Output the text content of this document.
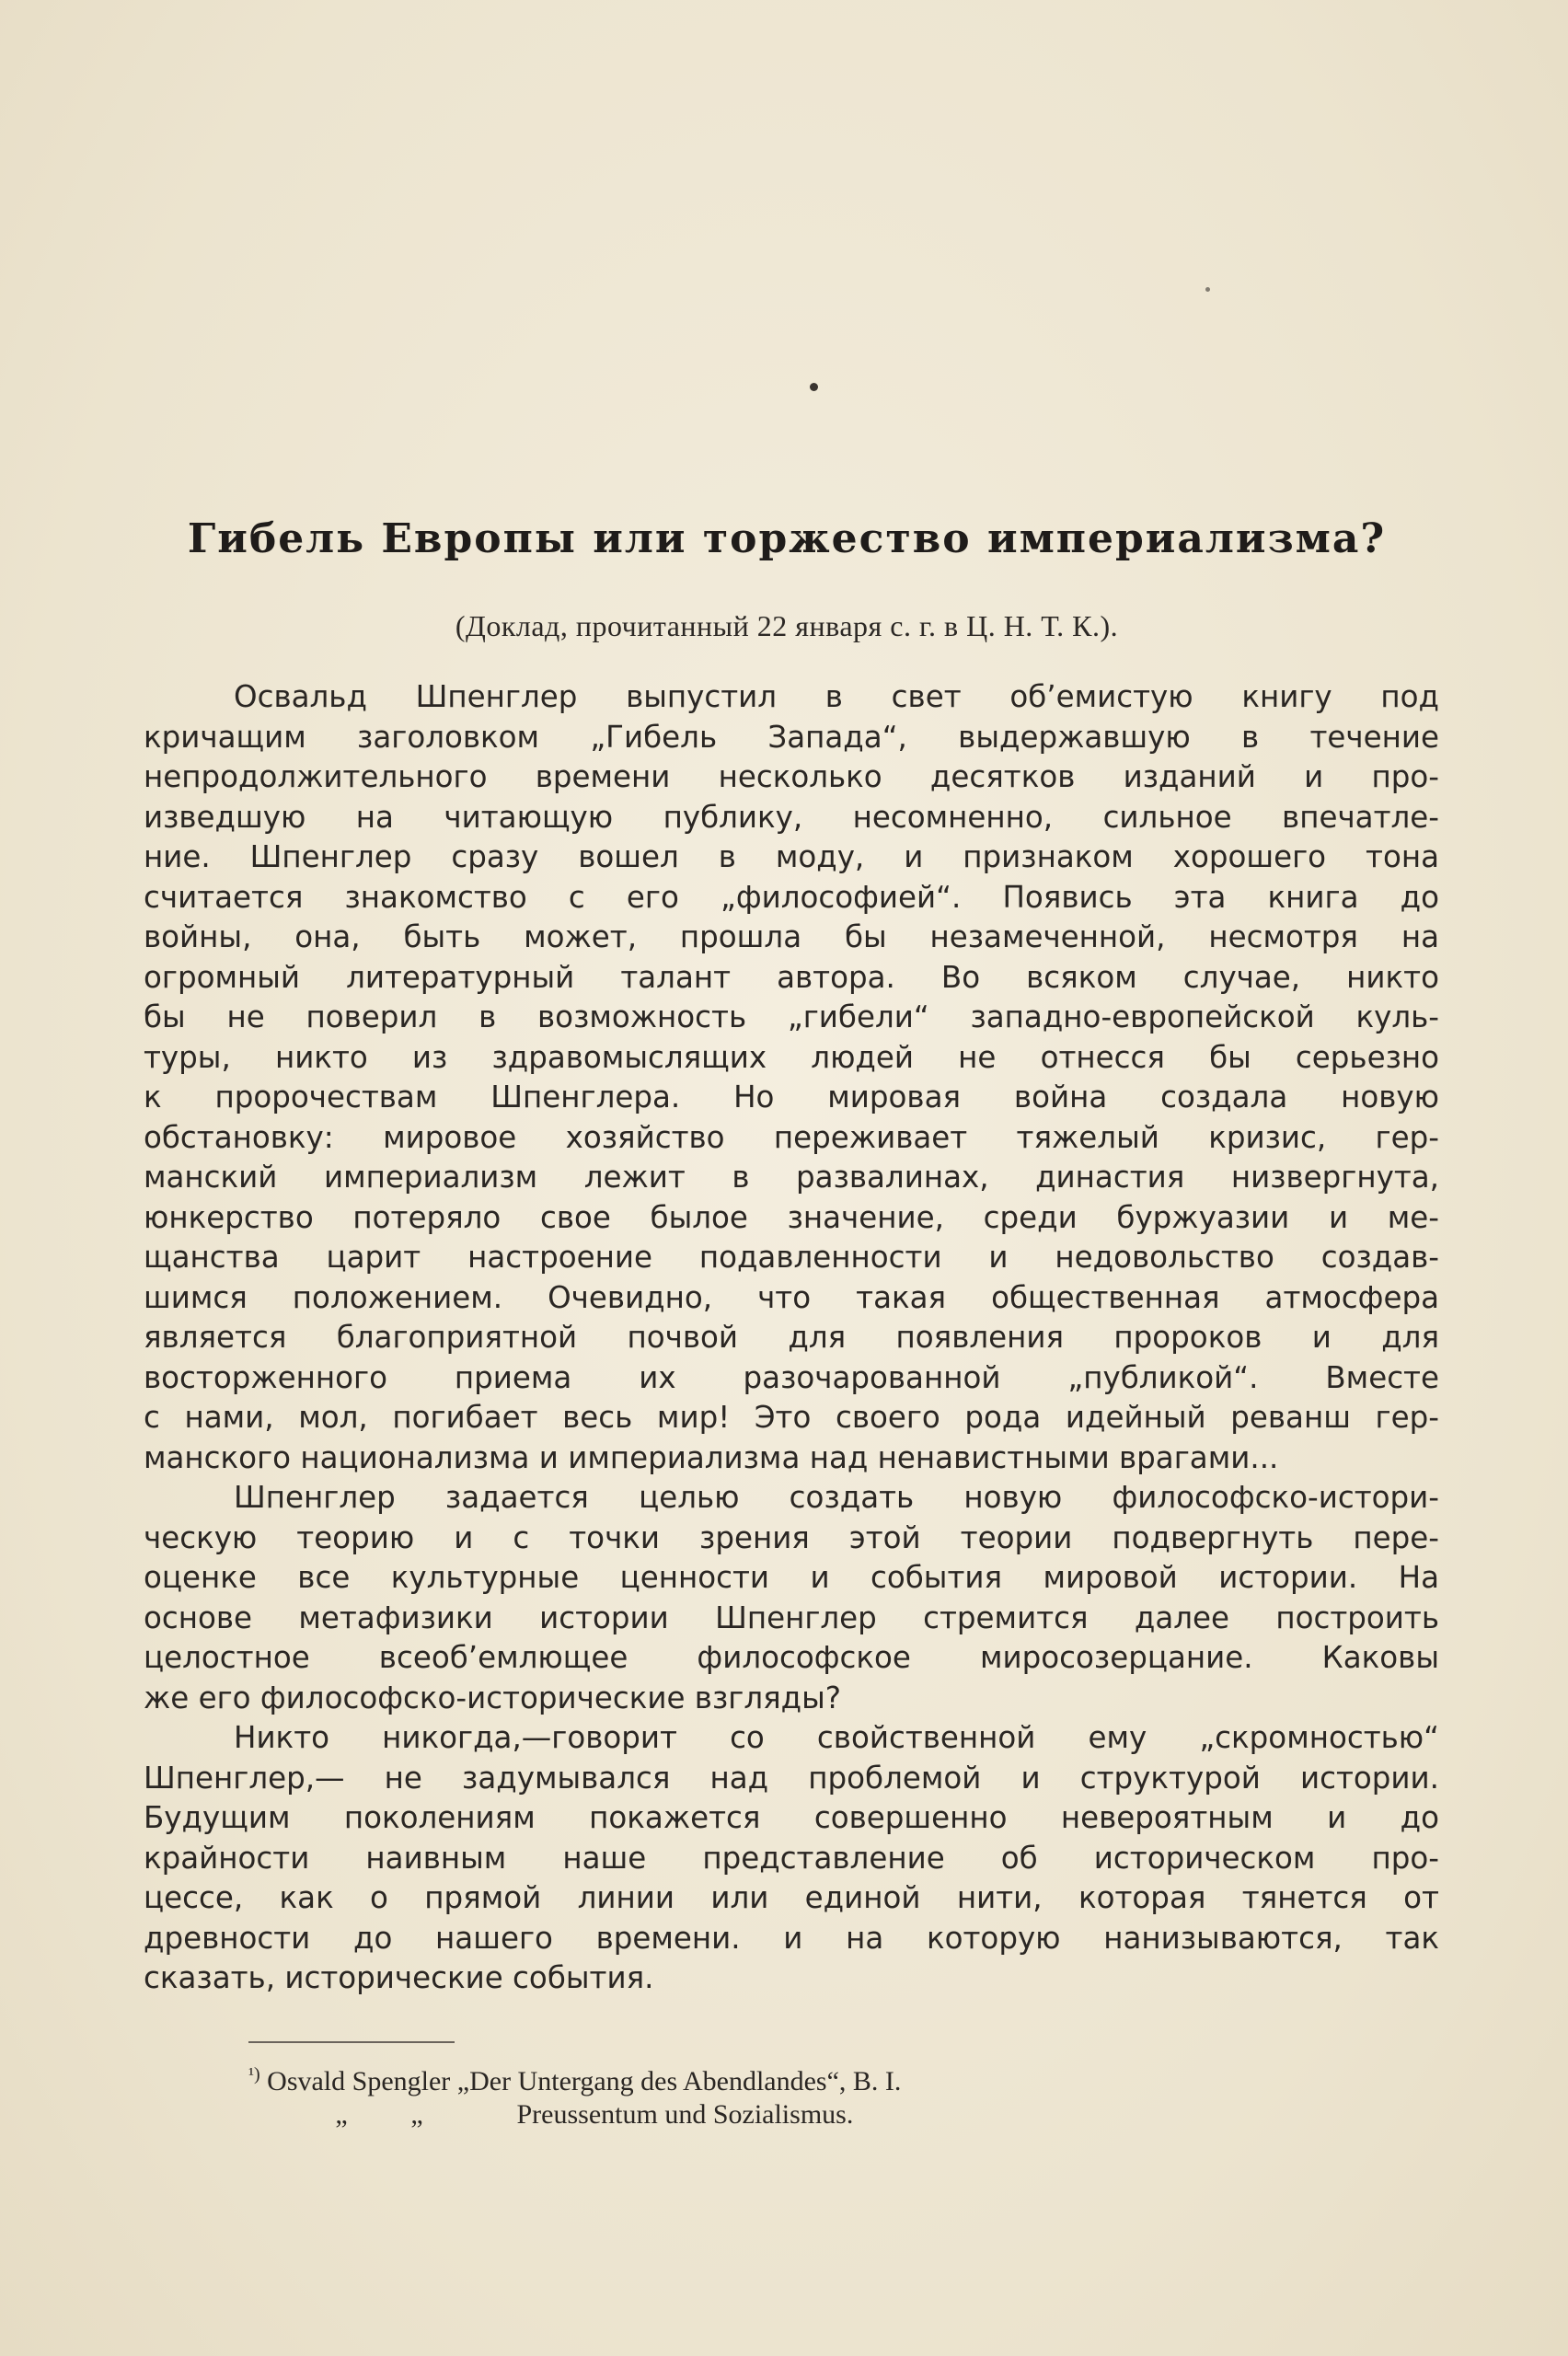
Гибель Европы или торжество империализма?

(Доклад, прочитанный 22 января с. г. в Ц. Н. Т. К.).

Освальд Шпенглер выпустил в свет об’емистую книгу под
кричащим заголовком „Гибель Запада“, выдержавшую в течение
непродолжительного времени несколько десятков изданий и про-
изведшую на читающую публику, несомненно, сильное впечатле-
ние. Шпенглер сразу вошел в моду, и признаком хорошего тона
считается знакомство с его „философией“. Появись эта книга до
войны, она, быть может, прошла бы незамеченной, несмотря на
огромный литературный талант автора. Во всяком случае, никто
бы не поверил в возможность „гибели“ западно-европейской куль-
туры, никто из здравомыслящих людей не отнесся бы серьезно
к пророчествам Шпенглера. Но мировая война создала новую
обстановку: мировое хозяйство переживает тяжелый кризис, гер-
манский империализм лежит в развалинах, династия низвергнута,
юнкерство потеряло свое былое значение, среди буржуазии и ме-
щанства царит настроение подавленности и недовольство создав-
шимся положением. Очевидно, что такая общественная атмосфера
является благоприятной почвой для появления пророков и для
восторженного приема их разочарованной „публикой“. Вместе
с нами, мол, погибает весь мир! Это своего рода идейный реванш гер-
манского национализма и империализма над ненавистными врагами...
Шпенглер задается целью создать новую философско-истори-
ческую теорию и с точки зрения этой теории подвергнуть пере-
оценке все культурные ценности и события мировой истории. На
основе метафизики истории Шпенглер стремится далее построить
целостное всеоб’емлющее философское миросозерцание. Каковы
же его философско-исторические взгляды?
Никто никогда,—говорит со свойственной ему „скромностью“
Шпенглер,— не задумывался над проблемой и структурой истории.
Будущим поколениям покажется совершенно невероятным и до
крайности наивным наше представление об историческом про-
цессе, как о прямой линии или единой нити, которая тянется от
древности до нашего времени. и на которую нанизываются, так
сказать, исторические события.
$^{^1)}$ Osvald Spengler „Der Untergang des Abendlandes“, B. I.
„ „	Preussentum und Sozialismus.
